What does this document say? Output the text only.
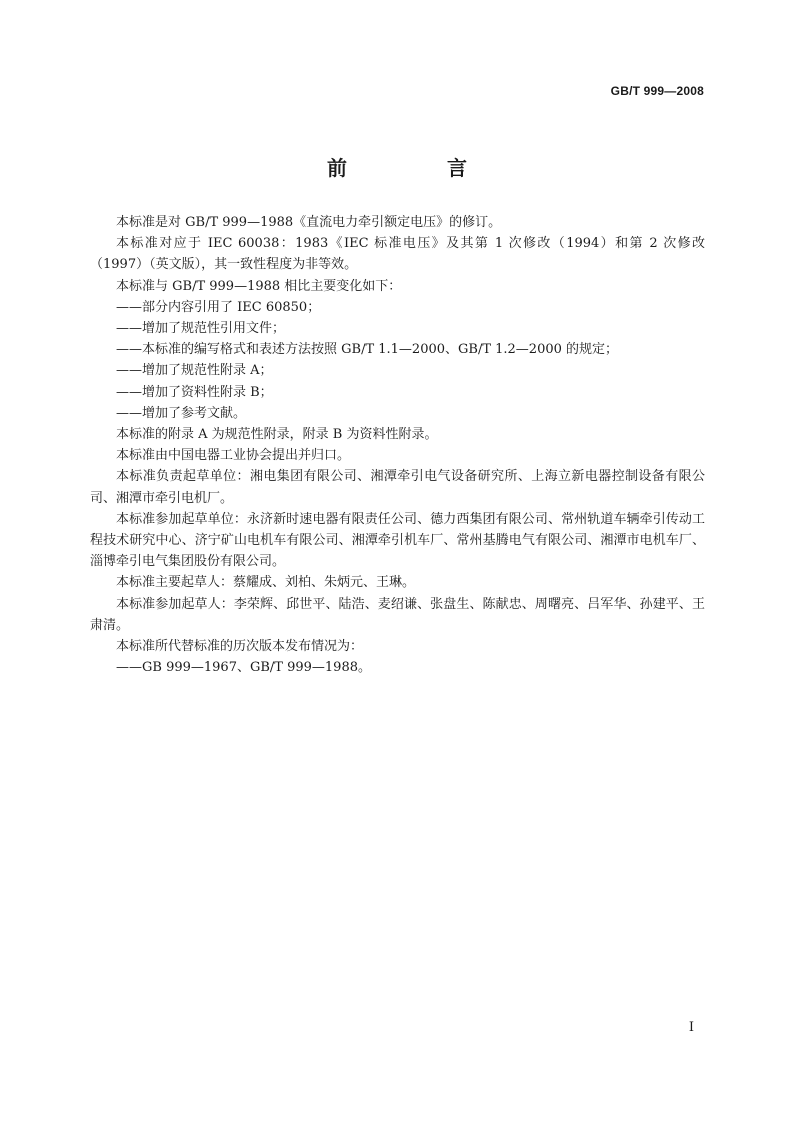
GB/T 999—2008
前　言

本标准是对 GB/T 999—1988《直流电力牵引额定电压》的修订。

本标准对应于 IEC 60038：1983《IEC 标准电压》及其第 1 次修改（1994）和第 2 次修改（1997）（英文版），其一致性程度为非等效。

本标准与 GB/T 999—1988 相比主要变化如下：

——部分内容引用了 IEC 60850；

——增加了规范性引用文件；

——本标准的编写格式和表述方法按照 GB/T 1.1—2000、GB/T 1.2—2000 的规定；

——增加了规范性附录 A；

——增加了资料性附录 B；

——增加了参考文献。

本标准的附录 A 为规范性附录，附录 B 为资料性附录。

本标准由中国电器工业协会提出并归口。

本标准负责起草单位：湘电集团有限公司、湘潭牵引电气设备研究所、上海立新电器控制设备有限公司、湘潭市牵引电机厂。

本标准参加起草单位：永济新时速电器有限责任公司、德力西集团有限公司、常州轨道车辆牵引传动工程技术研究中心、济宁矿山电机车有限公司、湘潭牵引机车厂、常州基腾电气有限公司、湘潭市电机车厂、淄博牵引电气集团股份有限公司。

本标准主要起草人：蔡耀成、刘柏、朱炳元、王琳。

本标准参加起草人：李荣辉、邱世平、陆浩、麦绍谦、张盘生、陈献忠、周曙亮、吕军华、孙建平、王肃清。

本标准所代替标准的历次版本发布情况为：

——GB 999—1967、GB/T 999—1988。

I
